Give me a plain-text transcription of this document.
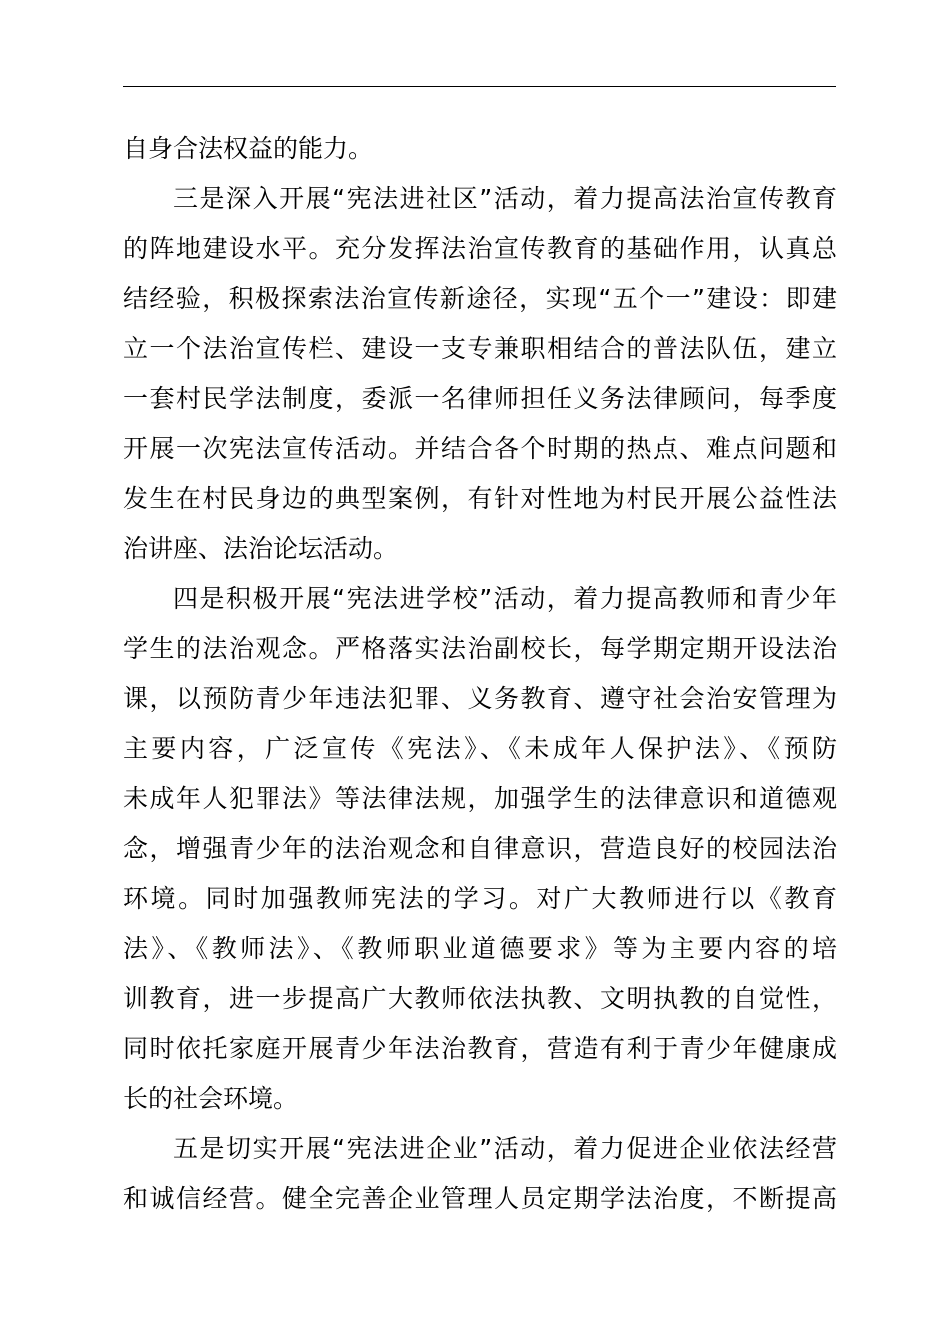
自身合法权益的能力。
三是深入开展“宪法进社区”活动，着力提高法治宣传教育
的阵地建设水平。充分发挥法治宣传教育的基础作用，认真总
结经验，积极探索法治宣传新途径，实现“五个一”建设：即建
立一个法治宣传栏、建设一支专兼职相结合的普法队伍，建立
一套村民学法制度，委派一名律师担任义务法律顾问，每季度
开展一次宪法宣传活动。并结合各个时期的热点、难点问题和
发生在村民身边的典型案例，有针对性地为村民开展公益性法
治讲座、法治论坛活动。
四是积极开展“宪法进学校”活动，着力提高教师和青少年
学生的法治观念。严格落实法治副校长，每学期定期开设法治
课，以预防青少年违法犯罪、义务教育、遵守社会治安管理为
主要内容，广泛宣传《宪法》、《未成年人保护法》、《预防
未成年人犯罪法》等法律法规，加强学生的法律意识和道德观
念，增强青少年的法治观念和自律意识，营造良好的校园法治
环境。同时加强教师宪法的学习。对广大教师进行以《教育
法》、《教师法》、《教师职业道德要求》等为主要内容的培
训教育，进一步提高广大教师依法执教、文明执教的自觉性，
同时依托家庭开展青少年法治教育，营造有利于青少年健康成
长的社会环境。
五是切实开展“宪法进企业”活动，着力促进企业依法经营
和诚信经营。健全完善企业管理人员定期学法治度，不断提高
